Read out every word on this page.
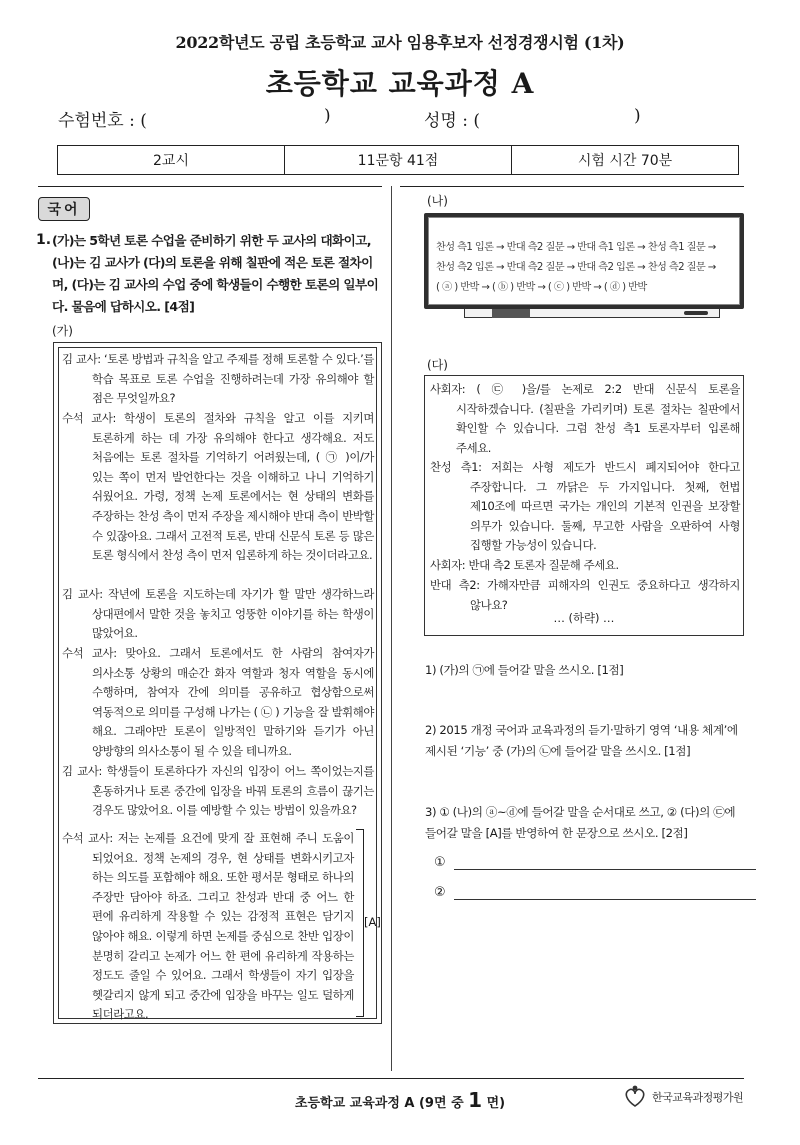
2022학년도 공립 초등학교 교사 임용후보자 선정경쟁시험 (1차)
초등학교 교육과정 A
수험번호 : (	)	성명 : (	)
2교시	11문항 41점	시험 시간 70분
국어
1. (가)는 5학년 토론 수업을 준비하기 위한 두 교사의 대화이고, (나)는 김 교사가 (다)의 토론을 위해 칠판에 적은 토론 절차이며, (다)는 김 교사의 수업 중에 학생들이 수행한 토론의 일부이다. 물음에 답하시오. [4점]
(가)
김 교사: ‘토론 방법과 규칙을 알고 주제를 정해 토론할 수 있다.’를 학습 목표로 토론 수업을 진행하려는데 가장 유의해야 할 점은 무엇일까요?
수석 교사: 학생이 토론의 절차와 규칙을 알고 이를 지키며 토론하게 하는 데 가장 유의해야 한다고 생각해요. 저도 처음에는 토론 절차를 기억하기 어려웠는데, ( ㉠ )이/가 있는 쪽이 먼저 발언한다는 것을 이해하고 나니 기억하기 쉬웠어요. 가령, 정책 논제 토론에서는 현 상태의 변화를 주장하는 찬성 측이 먼저 주장을 제시해야 반대 측이 반박할 수 있잖아요. 그래서 고전적 토론, 반대 신문식 토론 등 많은 토론 형식에서 찬성 측이 먼저 입론하게 하는 것이더라고요.
김 교사: 작년에 토론을 지도하는데 자기가 할 말만 생각하느라 상대편에서 말한 것을 놓치고 엉뚱한 이야기를 하는 학생이 많았어요.
수석 교사: 맞아요. 그래서 토론에서도 한 사람의 참여자가 의사소통 상황의 매순간 화자 역할과 청자 역할을 동시에 수행하며, 참여자 간에 의미를 공유하고 협상함으로써 역동적으로 의미를 구성해 나가는 ( ㉡ ) 기능을 잘 발휘해야 해요. 그래야만 토론이 일방적인 말하기와 듣기가 아닌 양방향의 의사소통이 될 수 있을 테니까요.
김 교사: 학생들이 토론하다가 자신의 입장이 어느 쪽이었는지를 혼동하거나 토론 중간에 입장을 바꿔 토론의 흐름이 끊기는 경우도 많았어요. 이를 예방할 수 있는 방법이 있을까요?
수석 교사: 저는 논제를 요건에 맞게 잘 표현해 주니 도움이 되었어요. 정책 논제의 경우, 현 상태를 변화시키고자 하는 의도를 포함해야 해요. 또한 평서문 형태로 하나의 주장만 담아야 하죠. 그리고 찬성과 반대 중 어느 한 편에 유리하게 작용할 수 있는 감정적 표현은 담기지 않아야 해요. 이렇게 하면 논제를 중심으로 찬반 입장이 분명히 갈리고 논제가 어느 한 편에 유리하게 작용하는 정도도 줄일 수 있어요. 그래서 학생들이 자기 입장을 헷갈리지 않게 되고 중간에 입장을 바꾸는 일도 덜하게 되더라고요.
[A]
(나)
찬성 측1 입론 → 반대 측2 질문 → 반대 측1 입론 → 찬성 측1 질문 →
찬성 측2 입론 → 반대 측2 질문 → 반대 측2 입론 → 찬성 측2 질문 →
( ⓐ ) 반박 → ( ⓑ ) 반박 → ( ⓒ ) 반박 → ( ⓓ ) 반박
(다)
사회자: ( ㉢ )을/를 논제로 2:2 반대 신문식 토론을 시작하겠습니다. (칠판을 가리키며) 토론 절차는 칠판에서 확인할 수 있습니다. 그럼 찬성 측1 토론자부터 입론해 주세요.
찬성 측1: 저희는 사형 제도가 반드시 폐지되어야 한다고 주장합니다. 그 까닭은 두 가지입니다. 첫째, 헌법 제10조에 따르면 국가는 개인의 기본적 인권을 보장할 의무가 있습니다. 둘째, 무고한 사람을 오판하여 사형 집행할 가능성이 있습니다.
사회자: 반대 측2 토론자 질문해 주세요.
반대 측2: 가해자만큼 피해자의 인권도 중요하다고 생각하지 않나요?
… (하략) …
1) (가)의 ㉠에 들어갈 말을 쓰시오. [1점]
2) 2015 개정 국어과 교육과정의 듣기·말하기 영역 ‘내용 체계’에 제시된 ‘기능’ 중 (가)의 ㉡에 들어갈 말을 쓰시오. [1점]
3) ① (나)의 ⓐ~ⓓ에 들어갈 말을 순서대로 쓰고, ② (다)의 ㉢에 들어갈 말을 [A]를 반영하여 한 문장으로 쓰시오. [2점]
①
②
초등학교 교육과정 A (9면 중 1 면)	한국교육과정평가원
